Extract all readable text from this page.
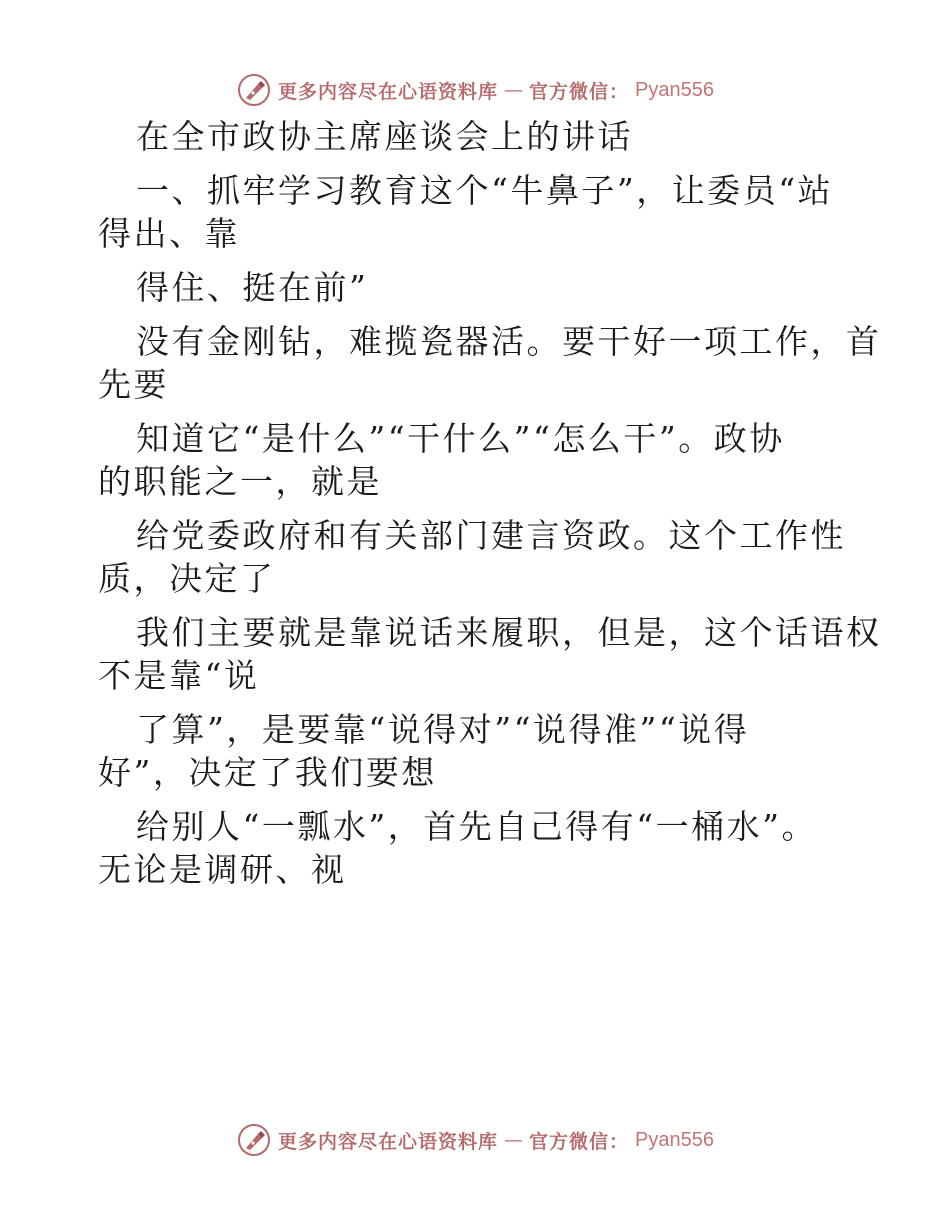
更多内容尽在心语资料库 — 官方微信： Pyan556

在全市政协主席座谈会上的讲话

一、抓牢学习教育这个“牛鼻子”，让委员“站

得出、靠

得住、挺在前”

没有金刚钻，难揽瓷器活。要干好一项工作，首

先要

知道它“是什么”“干什么”“怎么干”。政协

的职能之一，就是

给党委政府和有关部门建言资政。这个工作性

质，决定了

我们主要就是靠说话来履职，但是，这个话语权

不是靠“说

了算”，是要靠“说得对”“说得准”“说得

好”，决定了我们要想

给别人“一瓢水”，首先自己得有“一桶水”。

无论是调研、视

更多内容尽在心语资料库 — 官方微信： Pyan556
